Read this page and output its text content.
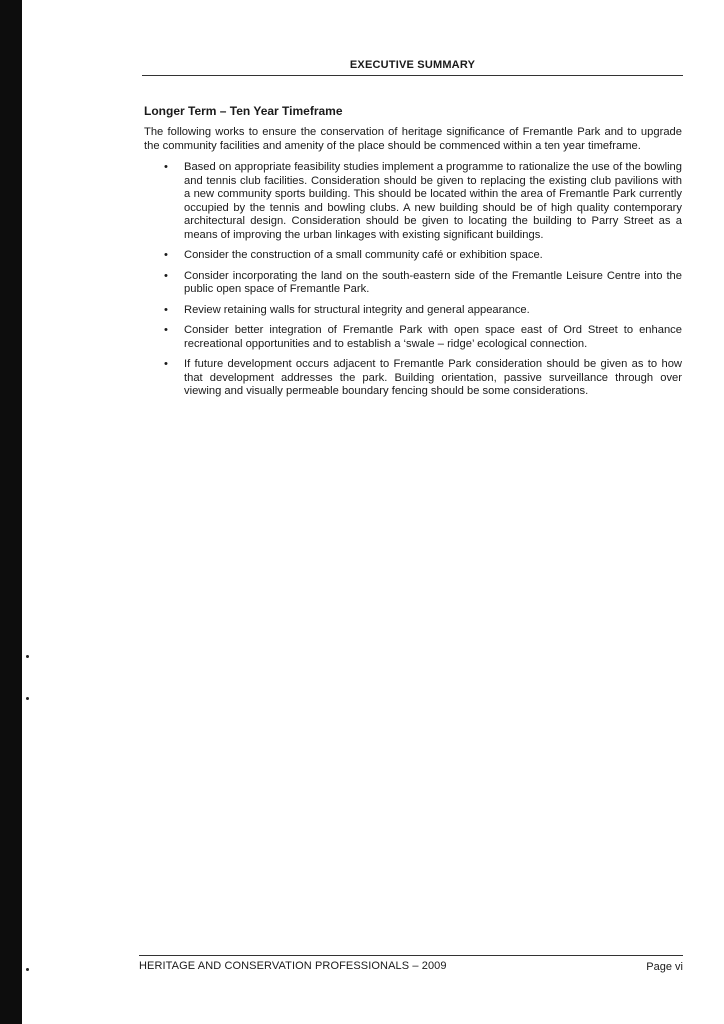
EXECUTIVE SUMMARY
Longer Term – Ten Year Timeframe

The following works to ensure the conservation of heritage significance of Fremantle Park and to upgrade the community facilities and amenity of the place should be commenced within a ten year timeframe.

• Based on appropriate feasibility studies implement a programme to rationalize the use of the bowling and tennis club facilities. Consideration should be given to replacing the existing club pavilions with a new community sports building. This should be located within the area of Fremantle Park currently occupied by the tennis and bowling clubs. A new building should be of high quality contemporary architectural design. Consideration should be given to locating the building to Parry Street as a means of improving the urban linkages with existing significant buildings.
• Consider the construction of a small community café or exhibition space.
• Consider incorporating the land on the south-eastern side of the Fremantle Leisure Centre into the public open space of Fremantle Park.
• Review retaining walls for structural integrity and general appearance.
• Consider better integration of Fremantle Park with open space east of Ord Street to enhance recreational opportunities and to establish a ‘swale – ridge’ ecological connection.
• If future development occurs adjacent to Fremantle Park consideration should be given as to how that development addresses the park. Building orientation, passive surveillance through over viewing and visually permeable boundary fencing should be some considerations.
HERITAGE AND CONSERVATION PROFESSIONALS – 2009	Page vi
